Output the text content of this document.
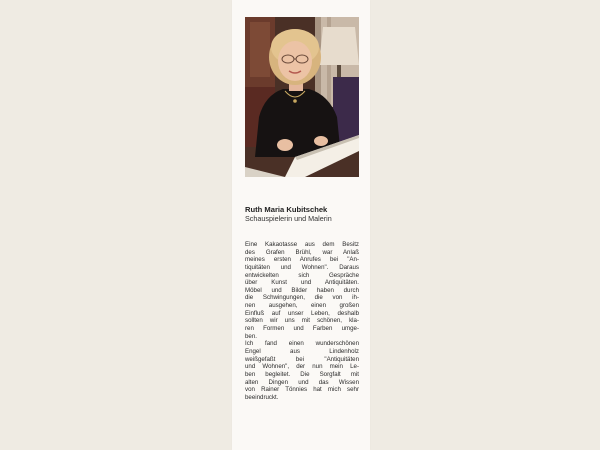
Ruth Maria Kubitschek
Schauspielerin und Malerin
Eine Kakaotasse aus dem Besitz
des Grafen Brühl, war Anlaß
meines ersten Anrufes bei "An-
tiquitäten und Wohnen". Daraus
entwickelten sich Gespräche
über Kunst und Antiquitäten.
Möbel und Bilder haben durch
die Schwingungen, die von ih-
nen ausgehen, einen großen
Einfluß auf unser Leben, deshalb
sollten wir uns mit schönen, kla-
ren Formen und Farben umge-
ben.
Ich fand einen wunderschönen
Engel aus Lindenholz
weißgefaßt bei "Antiquitäten
und Wohnen", der nun mein Le-
ben begleitet. Die Sorgfalt mit
alten Dingen und das Wissen
von Rainer Tönnies hat mich sehr
beeindruckt.
